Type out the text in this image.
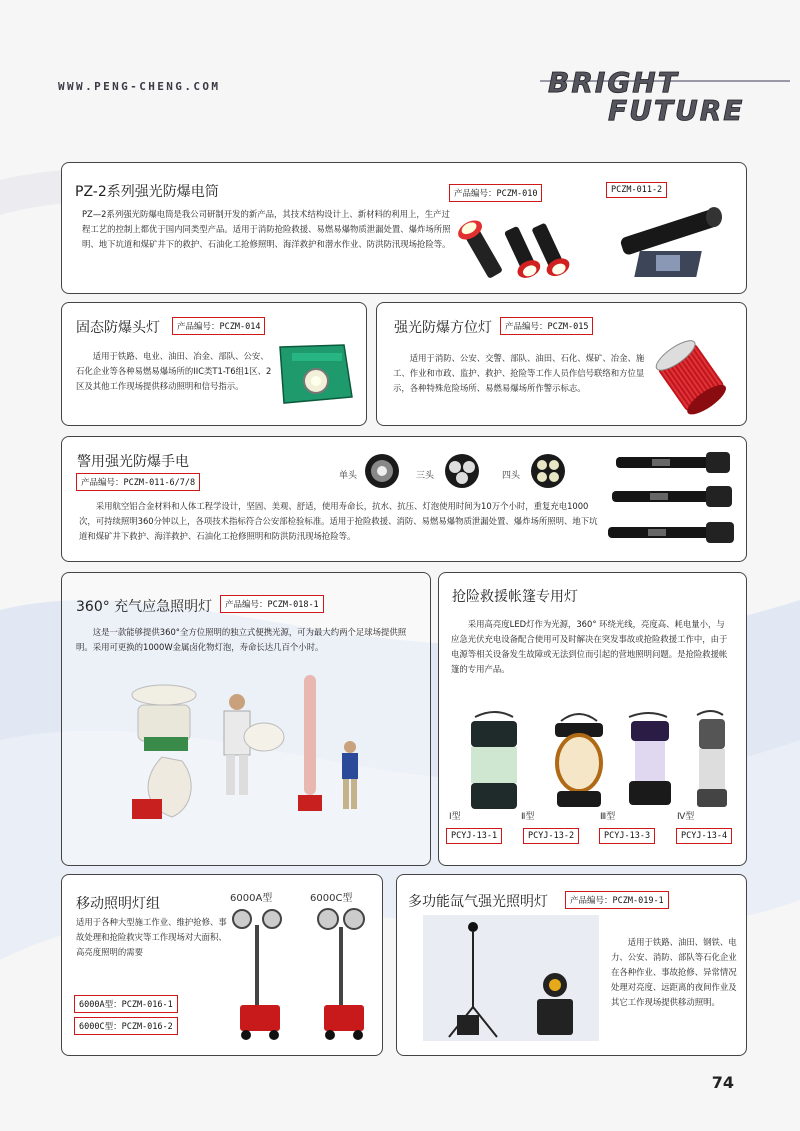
WWW.PENG-CHENG.COM	BRIGHT
FUTURE
PZ-2系列强光防爆电筒
PZ—2系列强光防爆电筒是我公司研制开发的新产品，其技术结构设计上、新材料的利用上，生产过程工艺的控制上都优于国内同类型产品。适用于消防抢险救援、易燃易爆物质泄漏处置、爆炸场所照明、地下坑道和煤矿井下的救护、石油化工抢修照明、海洋救护和潜水作业、防洪防汛现场抢险等。
产品编号：PCZM-010	PCZM-011-2
固态防爆头灯	产品编号：PCZM-014
适用于铁路、电业、油田、冶金、部队、公安、石化企业等各种易燃易爆场所的IIC类T1-T6组1区、2区及其他工作现场提供移动照明和信号指示。
强光防爆方位灯	产品编号：PCZM-015
适用于消防、公安、交警、部队、油田、石化、煤矿、冶金、施工、作业和市政、监护、救护、抢险等工作人员作信号联络和方位显示，各种特殊危险场所、易燃易爆场所作警示标志。
警用强光防爆手电
产品编号：PCZM-011-6/7/8
单头	三头	四头
采用航空铝合金材料和人体工程学设计，坚固、美观、舒适，使用寿命长，抗水、抗压、灯泡使用时间为10万个小时，重复充电1000次，可持续照明360分钟以上，各项技术指标符合公安部检验标准。适用于抢险救援、消防、易燃易爆物质泄漏处置、爆炸场所照明、地下坑道和煤矿井下救护、海洋救护、石油化工抢修照明和防洪防汛现场抢险等。
360° 充气应急照明灯	产品编号：PCZM-018-1
这是一款能够提供360°全方位照明的独立式便携光源，可为最大约两个足球场提供照明。采用可更换的1000W金属卤化物灯泡，寿命长达几百个小时。
抢险救援帐篷专用灯
采用高亮度LED灯作为光源，360° 环绕光线，亮度高、耗电量小，与应急光伏充电设备配合使用可及时解决在突发事故或抢险救援工作中，由于电源等相关设备发生故障或无法到位而引起的营地照明问题。是抢险救援帐篷的专用产品。
Ⅰ型	Ⅱ型	Ⅲ型	Ⅳ型
PCYJ-13-1	PCYJ-13-2	PCYJ-13-3	PCYJ-13-4
移动照明灯组	6000A型	6000C型
适用于各种大型施工作业、维护抢修、事故处理和抢险救灾等工作现场对大面积、高亮度照明的需要
6000A型：PCZM-016-1
6000C型：PCZM-016-2
多功能氙气强光照明灯	产品编号：PCZM-019-1
适用于铁路、油田、钢铁、电力、公安、消防、部队等石化企业在各种作业、事故抢修、异常情况处理对亮度、远距离的夜间作业及其它工作现场提供移动照明。
74
